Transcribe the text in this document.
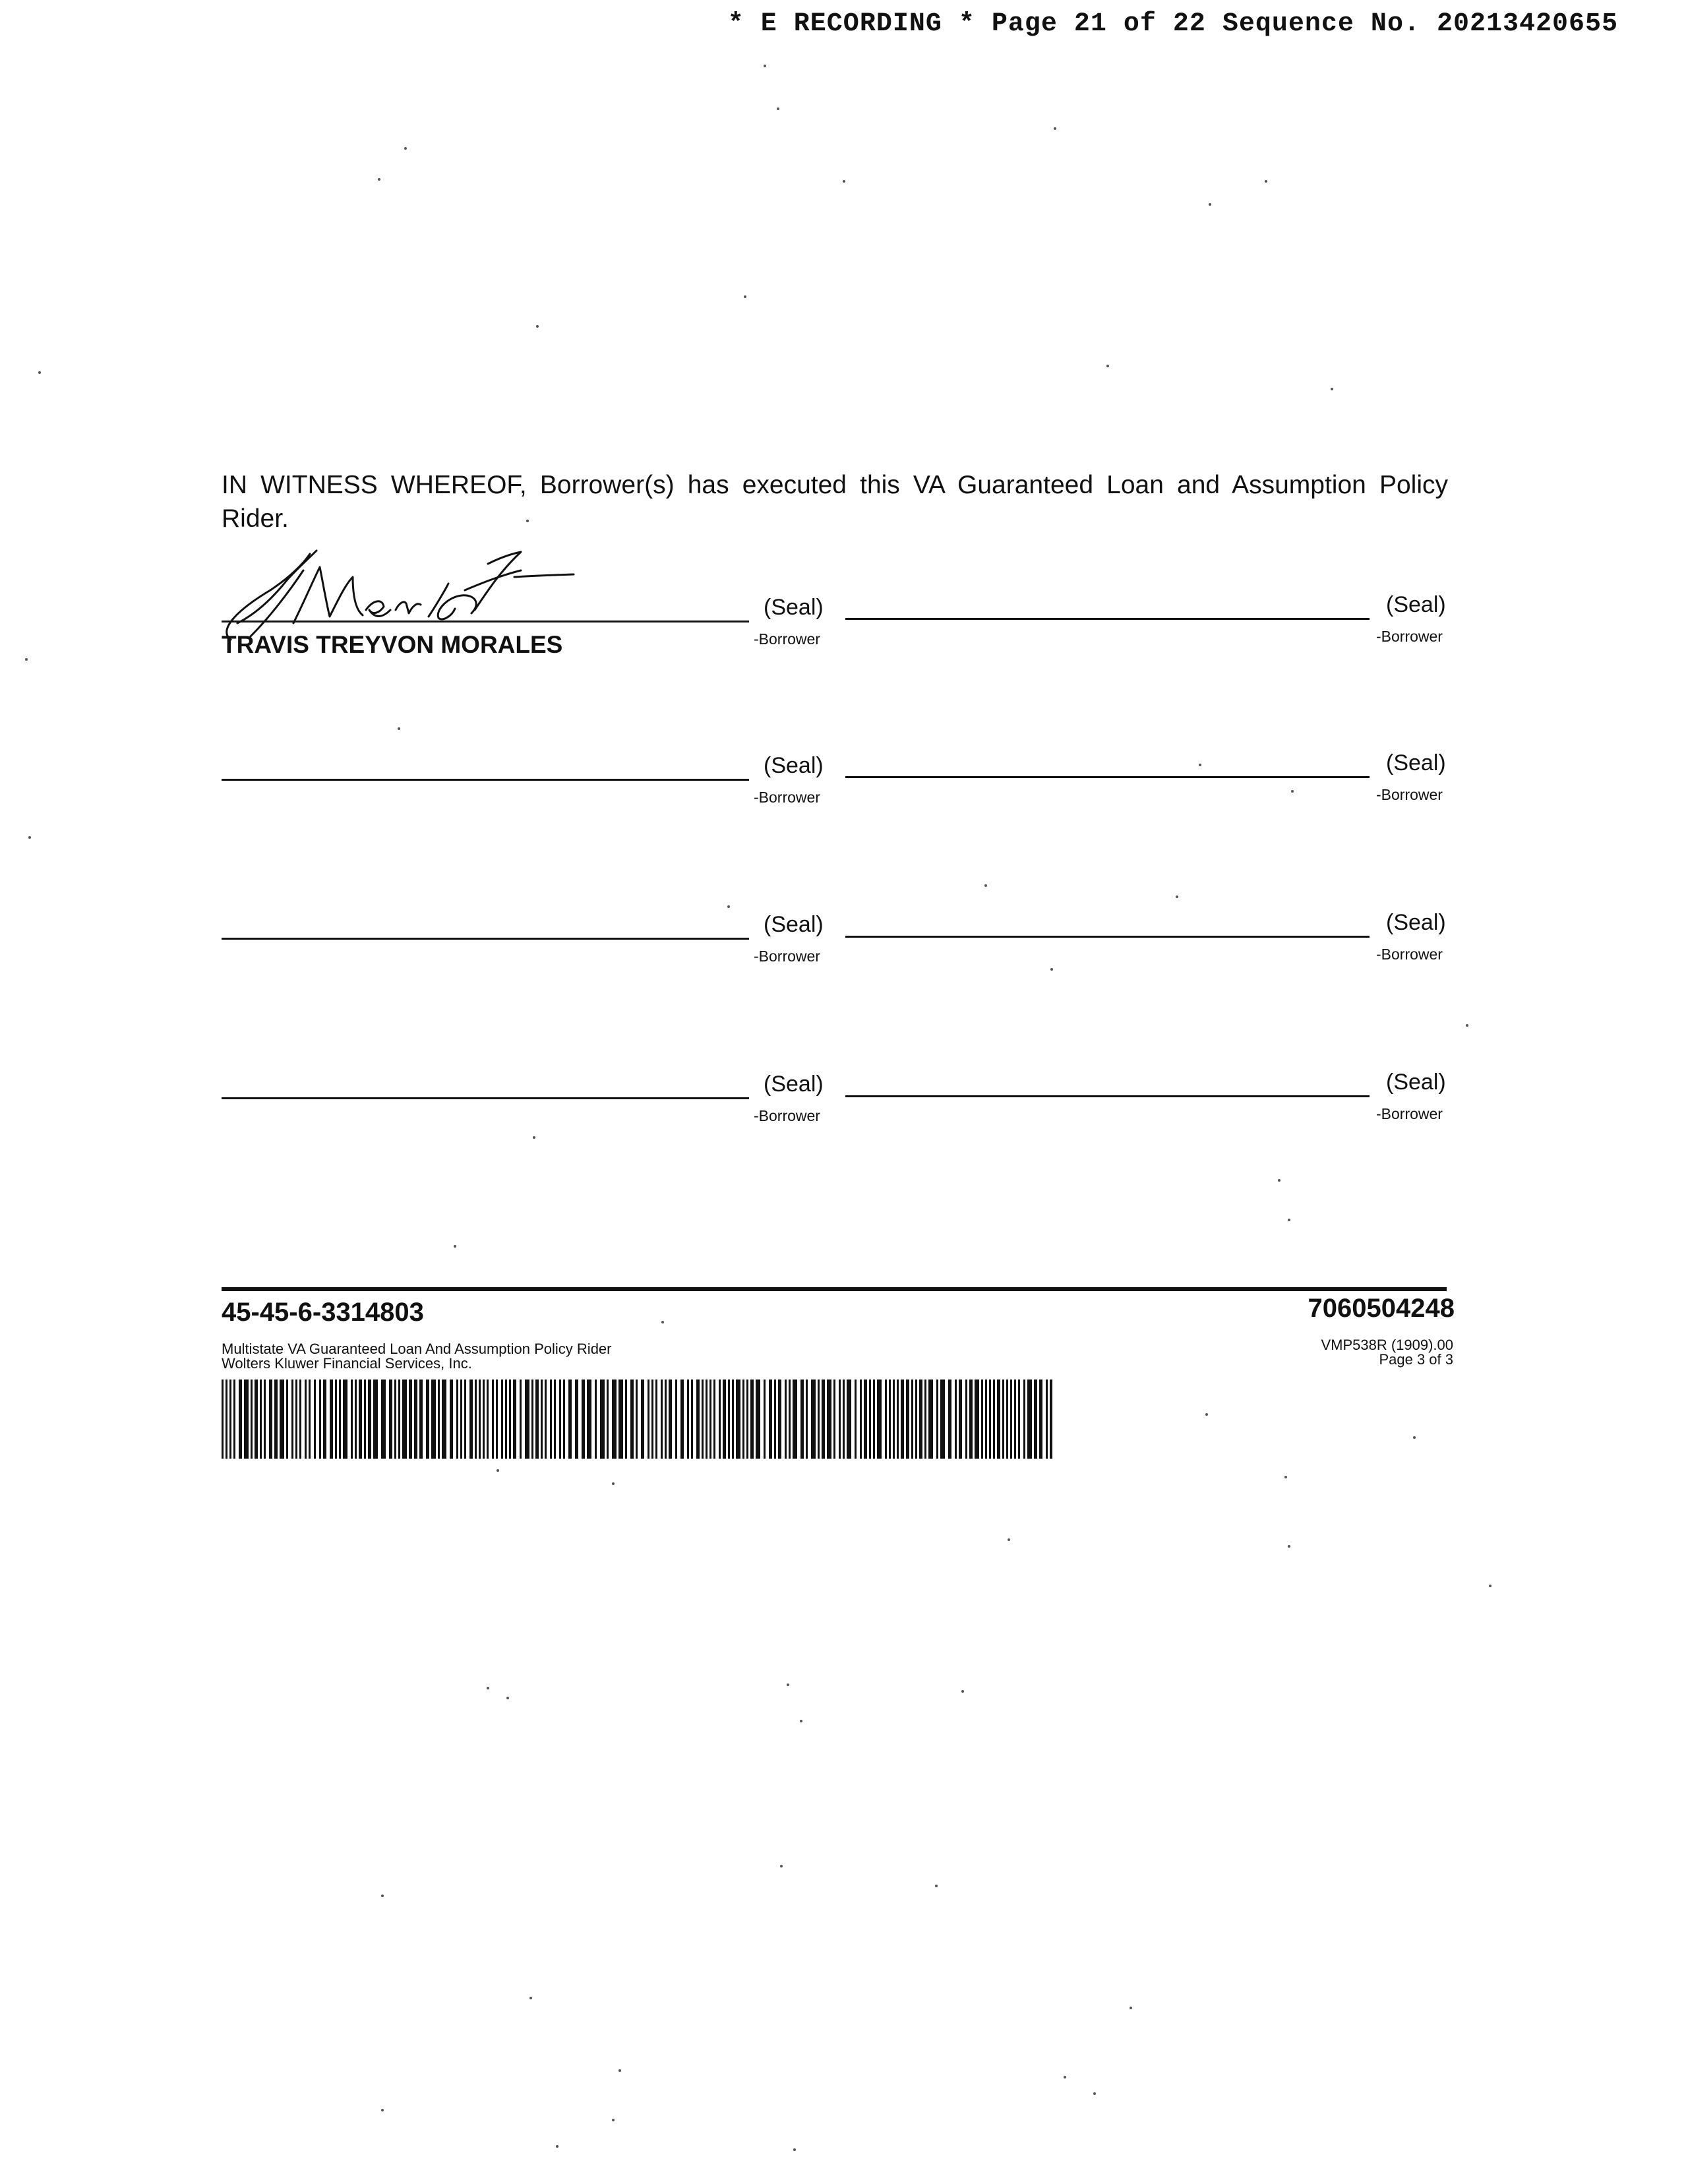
* E RECORDING * Page 21 of 22 Sequence No. 20213420655
IN WITNESS WHEREOF, Borrower(s) has executed this VA Guaranteed Loan and Assumption Policy Rider.
(Seal)
-Borrower
TRAVIS TREYVON MORALES
(Seal)
-Borrower
(Seal)
-Borrower
(Seal)
-Borrower
(Seal)
-Borrower
(Seal)
-Borrower
(Seal)
-Borrower
(Seal)
-Borrower
45-45-6-3314803	7060504248
Multistate VA Guaranteed Loan And Assumption Policy Rider
Wolters Kluwer Financial Services, Inc.
VMP538R (1909).00
Page 3 of 3
